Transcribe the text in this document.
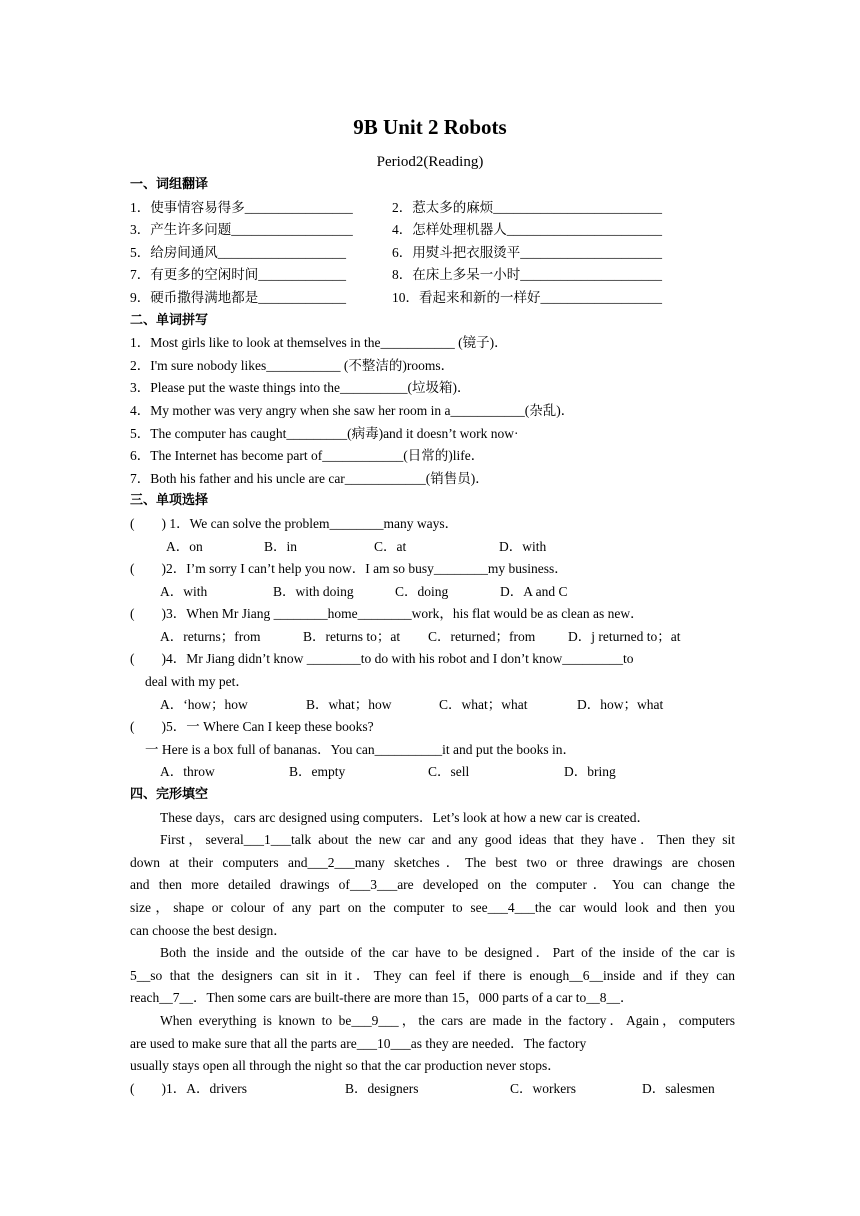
9B Unit 2 Robots
Period2(Reading)
一、词组翻译
1．使事情容易得多________________	2．惹太多的麻烦_________________________
3．产生许多问题__________________	4．怎样处理机器人_______________________
5．给房间通风___________________	6．用熨斗把衣服烫平_____________________
7．有更多的空闲时间_____________	8．在床上多呆一小时_____________________
9．硬币撒得满地都是_____________	10．看起来和新的一样好__________________
二、单词拼写
1．Most girls like to look at themselves in the___________ (镜子)．
2．I'm sure nobody likes___________ (不整洁的)rooms．
3．Please put the waste things into the__________(垃圾箱)．
4．My mother was very angry when she saw her room in a___________(杂乱)．
5．The computer has caught_________(病毒)and it doesn’t work now·
6．The Internet has become part of____________(日常的)life．
7．Both his father and his uncle are car____________(销售员)．
三、单项选择
(　　) 1．We can solve the problem________many ways．
A．on	B．in	C．at	D．with
(　　)2．I’m sorry I can’t help you now．I am so busy________my business．
A．with	B．with doing	C．doing	D．A and C
(　　)3．When Mr Jiang ________home________work，his flat would be as clean as new．
A．returns；from	B．returns to；at C．returned；from D．j returned to；at
(　　)4．Mr Jiang didn’t know ________to do with his robot and I don’t know_________to
deal with my pet．
A．‘how；how	B．what；how	C．what；what	D．how；what
(　　)5．一 Where Can I keep these books?
一 Here is a box full of bananas．You can__________it and put the books in．
A．throw	B．empty	C．sell	D．bring
四、完形填空
These days，cars arc designed using computers．Let’s look at how a new car is created．
First，several___1___talk about the new car and any good ideas that they have．Then they sit
down at their computers and___2___many sketches．The best two or three drawings are chosen
and then more detailed drawings of___3___are developed on the computer．You can change the
size，shape or colour of any part on the computer to see___4___the car would look and then you
can choose the best design．
Both the inside and the outside of the car have to be designed．Part of the inside of the car is
5__so that the designers can sit in it．They can feel if there is enough__6__inside and if they can
reach__7__．Then some cars are built-there are more than 15，000 parts of a car to__8__．
When everything is known to be___9___，the cars are made in the factory．Again，computers
are used to make sure that all the parts are___10___as they are needed．The factory
usually stays open all through the night so that the car production never stops．
(　　)1．A．drivers	B．designers	C．workers	D．salesmen
